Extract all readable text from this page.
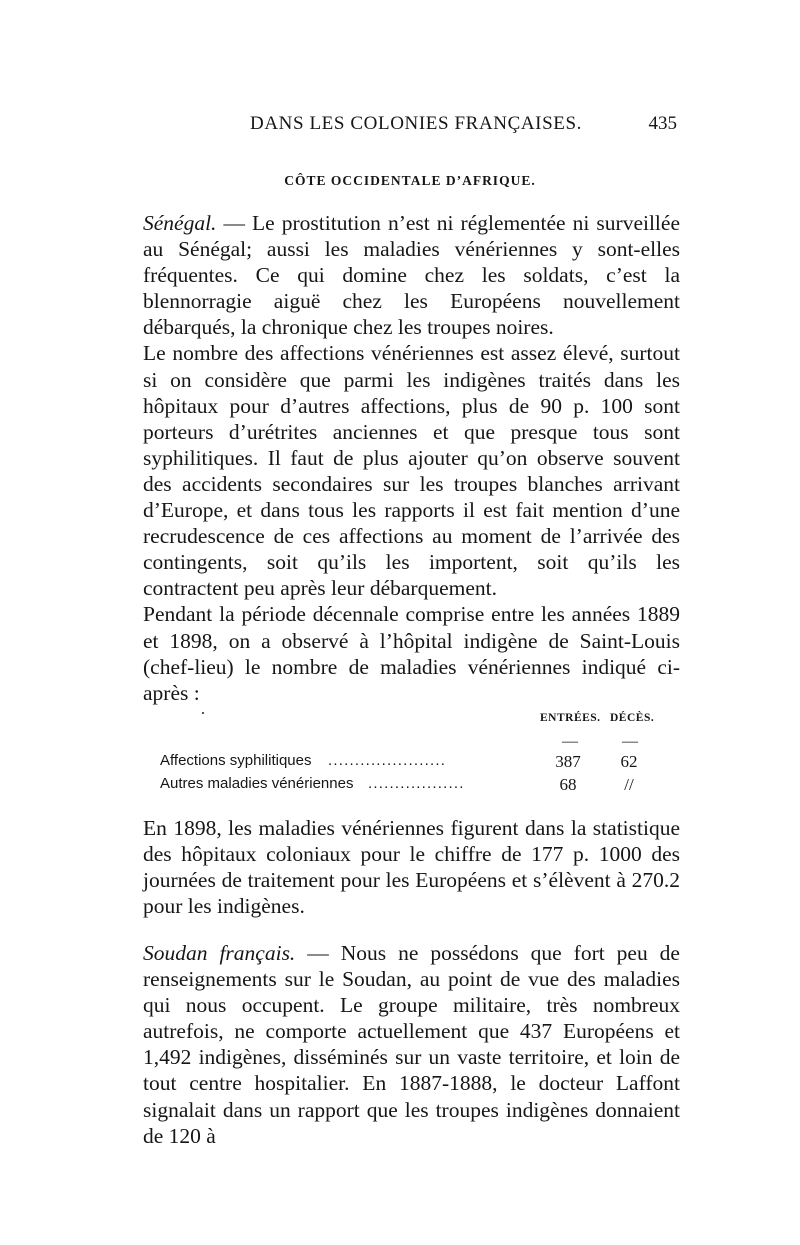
DANS LES COLONIES FRANÇAISES.	435
CÔTE OCCIDENTALE D’AFRIQUE.

Sénégal. — Le prostitution n’est ni réglementée ni surveillée au Sénégal; aussi les maladies vénériennes y sont-elles fréquentes. Ce qui domine chez les soldats, c’est la blennorragie aiguë chez les Européens nouvellement débarqués, la chronique chez les troupes noires.

Le nombre des affections vénériennes est assez élevé, surtout si on considère que parmi les indigènes traités dans les hôpitaux pour d’autres affections, plus de 90 p. 100 sont porteurs d’urétrites anciennes et que presque tous sont syphilitiques. Il faut de plus ajouter qu’on observe souvent des accidents secondaires sur les troupes blanches arrivant d’Europe, et dans tous les rapports il est fait mention d’une recrudescence de ces affections au moment de l’arrivée des contingents, soit qu’ils les importent, soit qu’ils les contractent peu après leur débarquement.

Pendant la période décennale comprise entre les années 1889 et 1898, on a observé à l’hôpital indigène de Saint-Louis (chef-lieu) le nombre de maladies vénériennes indiqué ci-après :

ENTRÉES. DÉCÈS.
—	—
Affections syphilitiques ......................	387	62
Autres maladies vénériennes ..................	68	//

En 1898, les maladies vénériennes figurent dans la statistique des hôpitaux coloniaux pour le chiffre de 177 p. 1000 des journées de traitement pour les Européens et s’élèvent à 270.2 pour les indigènes.

Soudan français. — Nous ne possédons que fort peu de renseignements sur le Soudan, au point de vue des maladies qui nous occupent. Le groupe militaire, très nombreux autrefois, ne comporte actuellement que 437 Européens et 1,492 indigènes, disséminés sur un vaste territoire, et loin de tout centre hospitalier. En 1887-1888, le docteur Laffont signalait dans un rapport que les troupes indigènes donnaient de 120 à
